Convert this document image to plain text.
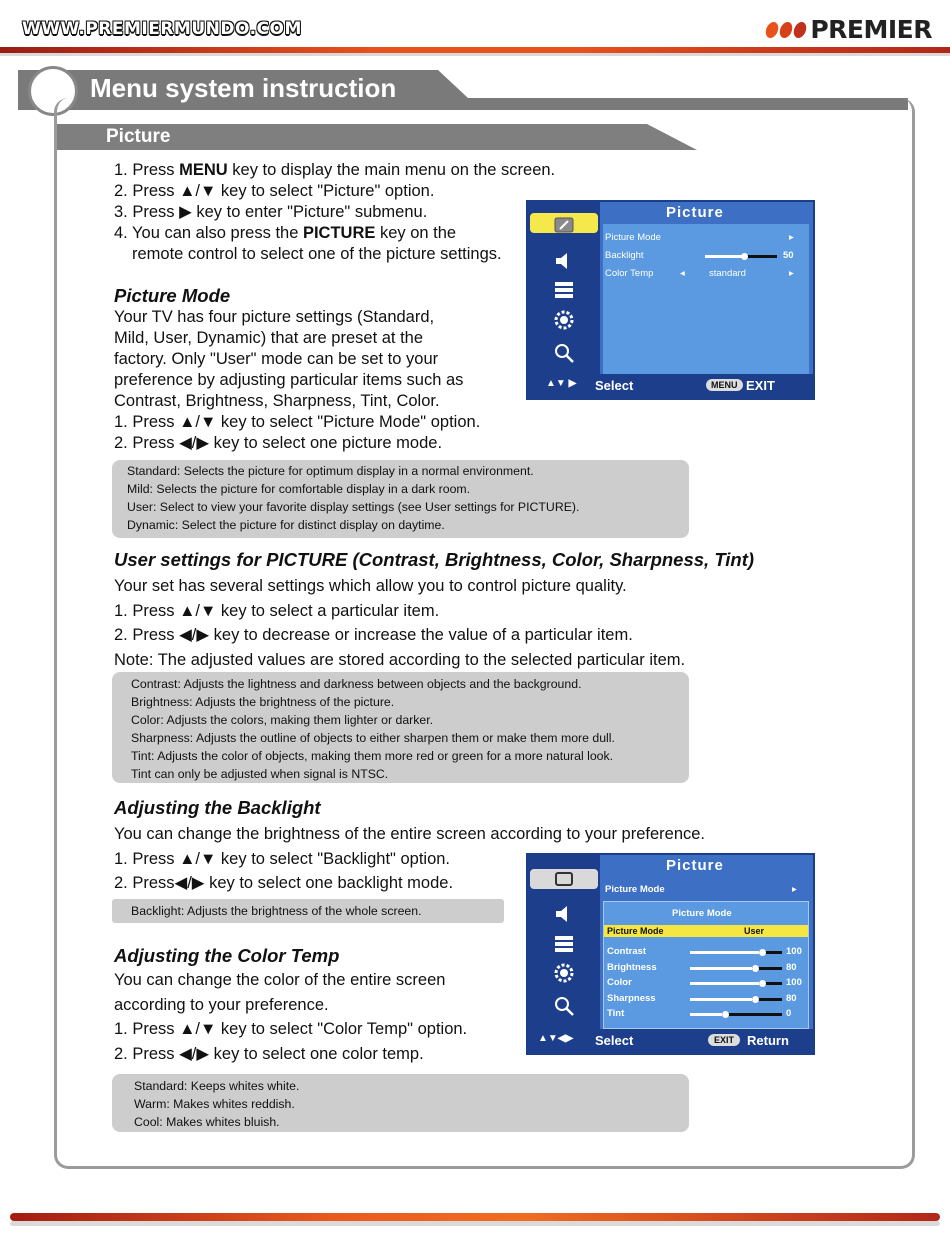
WWW.PREMIERMUNDO.COM	PREMIER
Menu system instruction
Picture
1. Press MENU key to display the main menu on the screen.
2. Press ▲/▼ key to select "Picture" option.
3. Press ▶ key to enter "Picture" submenu.
4. You can also press the PICTURE key on the
remote control to select one of the picture settings.
Picture Mode
Your TV has four picture settings (Standard,
Mild, User, Dynamic) that are preset at the
factory. Only "User" mode can be set to your
preference by adjusting particular items such as
Contrast, Brightness, Sharpness, Tint, Color.
1. Press ▲/▼ key to select "Picture Mode" option.
2. Press ◀/▶ key to select one picture mode.
Standard: Selects the picture for optimum display in a normal environment.
Mild: Selects the picture for comfortable display in a dark room.
User: Select to view your favorite display settings (see User settings for PICTURE).
Dynamic: Select the picture for distinct display on daytime.
User settings for PICTURE (Contrast, Brightness, Color, Sharpness, Tint)
Your set has several settings which allow you to control picture quality.
1. Press ▲/▼ key to select a particular item.
2. Press ◀/▶ key to decrease or increase the value of a particular item.
Note: The adjusted values are stored according to the selected particular item.
Contrast: Adjusts the lightness and darkness between objects and the background.
Brightness: Adjusts the brightness of the picture.
Color: Adjusts the colors, making them lighter or darker.
Sharpness: Adjusts the outline of objects to either sharpen them or make them more dull.
Tint: Adjusts the color of objects, making them more red or green for a more natural look.
Tint can only be adjusted when signal is NTSC.
Adjusting the Backlight
You can change the brightness of the entire screen according to your preference.
1. Press ▲/▼ key to select "Backlight" option.
2. Press◀/▶ key to select one backlight mode.
Backlight: Adjusts the brightness of the whole screen.
Adjusting the Color Temp
You can change the color of the entire screen
according to your preference.
1. Press ▲/▼ key to select "Color Temp" option.
2. Press ◀/▶ key to select one color temp.
Standard: Keeps whites white.
Warm: Makes whites reddish.
Cool: Makes whites bluish.
Picture
Picture Mode	▸
Backlight	50
Color Temp	◂	standard	▸
▲▼ ▶ Select	MENU EXIT
Picture
Picture Mode	▸
Picture Mode
Picture Mode	User
Contrast	100
Brightness	80
Color	100
Sharpness	80
Tint	0
▲▼◀▶ Select	EXIT Return
